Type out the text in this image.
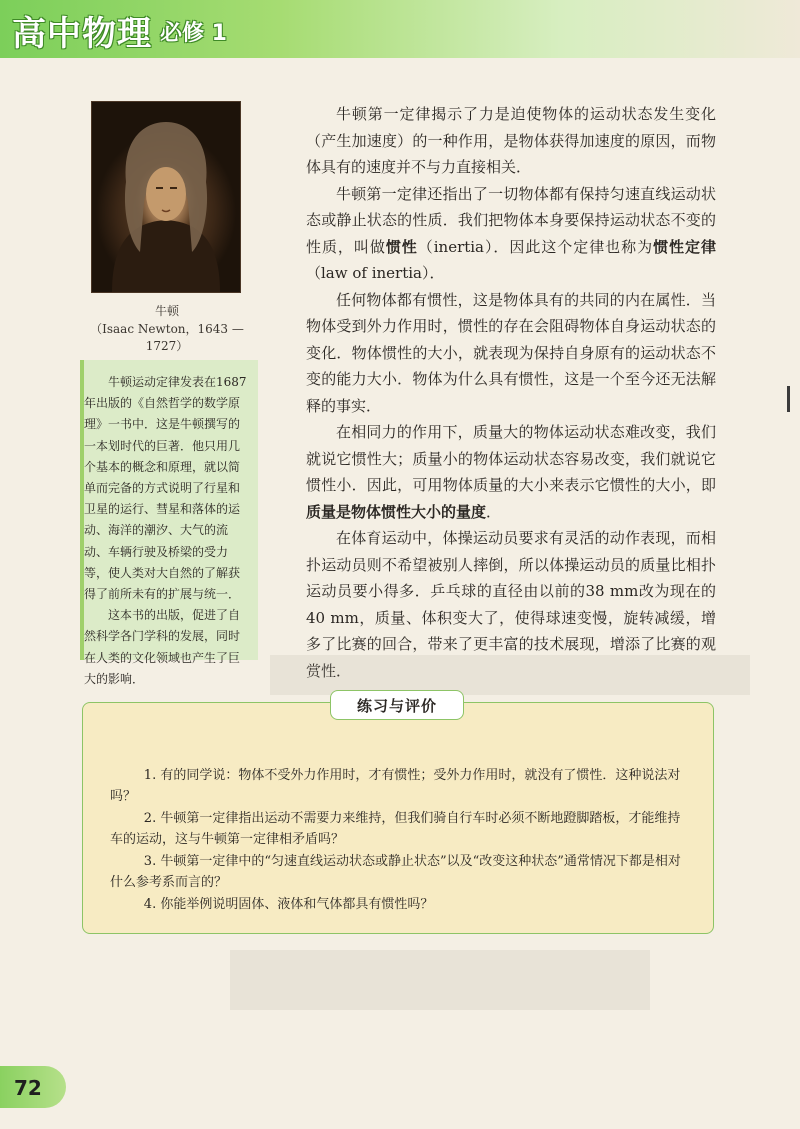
高中物理 必修 1
牛顿
（Isaac Newton，1643 — 1727）

牛顿运动定律发表在1687年出版的《自然哲学的数学原理》一书中．这是牛顿撰写的一本划时代的巨著．他只用几个基本的概念和原理，就以简单而完备的方式说明了行星和卫星的运行、彗星和落体的运动、海洋的潮汐、大气的流动、车辆行驶及桥梁的受力等，使人类对大自然的了解获得了前所未有的扩展与统一．

这本书的出版，促进了自然科学各门学科的发展，同时在人类的文化领域也产生了巨大的影响．

牛顿第一定律揭示了力是迫使物体的运动状态发生变化（产生加速度）的一种作用，是物体获得加速度的原因，而物体具有的速度并不与力直接相关．

牛顿第一定律还指出了一切物体都有保持匀速直线运动状态或静止状态的性质．我们把物体本身要保持运动状态不变的性质，叫做惯性（inertia）．因此这个定律也称为惯性定律（law of inertia）．

任何物体都有惯性，这是物体具有的共同的内在属性．当物体受到外力作用时，惯性的存在会阻碍物体自身运动状态的变化．物体惯性的大小，就表现为保持自身原有的运动状态不变的能力大小．物体为什么具有惯性，这是一个至今还无法解释的事实．

在相同力的作用下，质量大的物体运动状态难改变，我们就说它惯性大；质量小的物体运动状态容易改变，我们就说它惯性小．因此，可用物体质量的大小来表示它惯性的大小，即质量是物体惯性大小的量度．

在体育运动中，体操运动员要求有灵活的动作表现，而相扑运动员则不希望被别人摔倒，所以体操运动员的质量比相扑运动员要小得多．乒乓球的直径由以前的38 mm改为现在的40 mm，质量、体积变大了，使得球速变慢，旋转减缓，增多了比赛的回合，带来了更丰富的技术展现，增添了比赛的观赏性．

练习与评价

1. 有的同学说：物体不受外力作用时，才有惯性；受外力作用时，就没有了惯性．这种说法对吗？

2. 牛顿第一定律指出运动不需要力来维持，但我们骑自行车时必须不断地蹬脚踏板，才能维持车的运动，这与牛顿第一定律相矛盾吗？

3. 牛顿第一定律中的“匀速直线运动状态或静止状态”以及“改变这种状态”通常情况下都是相对什么参考系而言的？

4. 你能举例说明固体、液体和气体都具有惯性吗？

72
